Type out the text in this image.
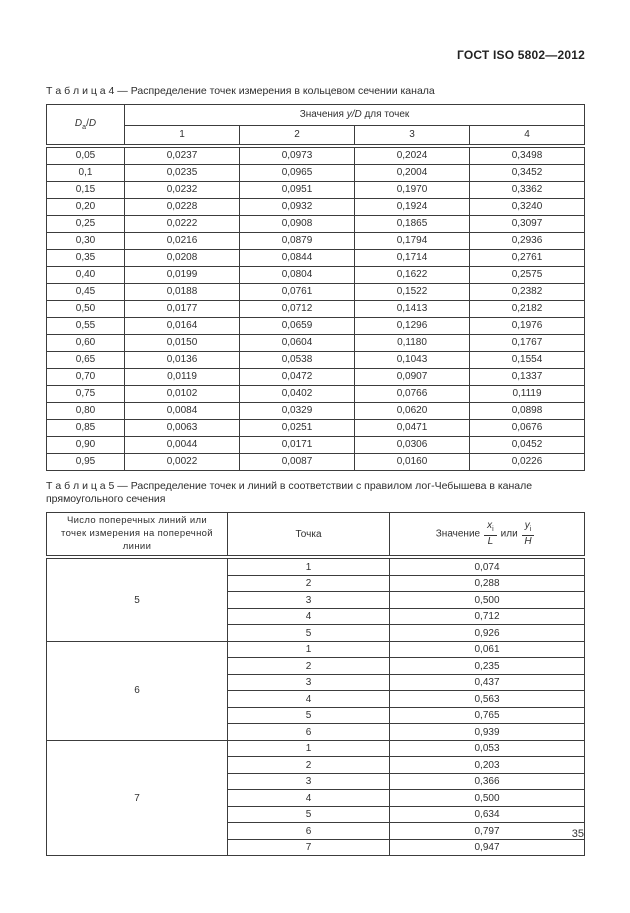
ГОСТ ISO 5802—2012

Т а б л и ц а 4 — Распределение точек измерения в кольцевом сечении канала

$D_a/D$	Значения y/D для точек			
	1	2	3	4
0,05	0,0237	0,0973	0,2024	0,3498
0,1	0,0235	0,0965	0,2004	0,3452
0,15	0,0232	0,0951	0,1970	0,3362
0,20	0,0228	0,0932	0,1924	0,3240
0,25	0,0222	0,0908	0,1865	0,3097
0,30	0,0216	0,0879	0,1794	0,2936
0,35	0,0208	0,0844	0,1714	0,2761
0,40	0,0199	0,0804	0,1622	0,2575
0,45	0,0188	0,0761	0,1522	0,2382
0,50	0,0177	0,0712	0,1413	0,2182
0,55	0,0164	0,0659	0,1296	0,1976
0,60	0,0150	0,0604	0,1180	0,1767
0,65	0,0136	0,0538	0,1043	0,1554
0,70	0,0119	0,0472	0,0907	0,1337
0,75	0,0102	0,0402	0,0766	0,1119
0,80	0,0084	0,0329	0,0620	0,0898
0,85	0,0063	0,0251	0,0471	0,0676
0,90	0,0044	0,0171	0,0306	0,0452
0,95	0,0022	0,0087	0,0160	0,0226

Т а б л и ц а 5 — Распределение точек и линий в соответствии с правилом лог-Чебышева в канале прямоугольного сечения

Число поперечных линий или точек измерения на поперечной линии	Точка	Значение $\frac{x_i}{L}$ или $\frac{y_i}{H}$

5	1	0,074
	2	0,288
	3	0,500
	4	0,712
	5	0,926
6	1	0,061
	2	0,235
	3	0,437
	4	0,563
	5	0,765
	6	0,939
7	1	0,053
	2	0,203
	3	0,366
	4	0,500
	5	0,634
	6	0,797
	7	0,947
35
